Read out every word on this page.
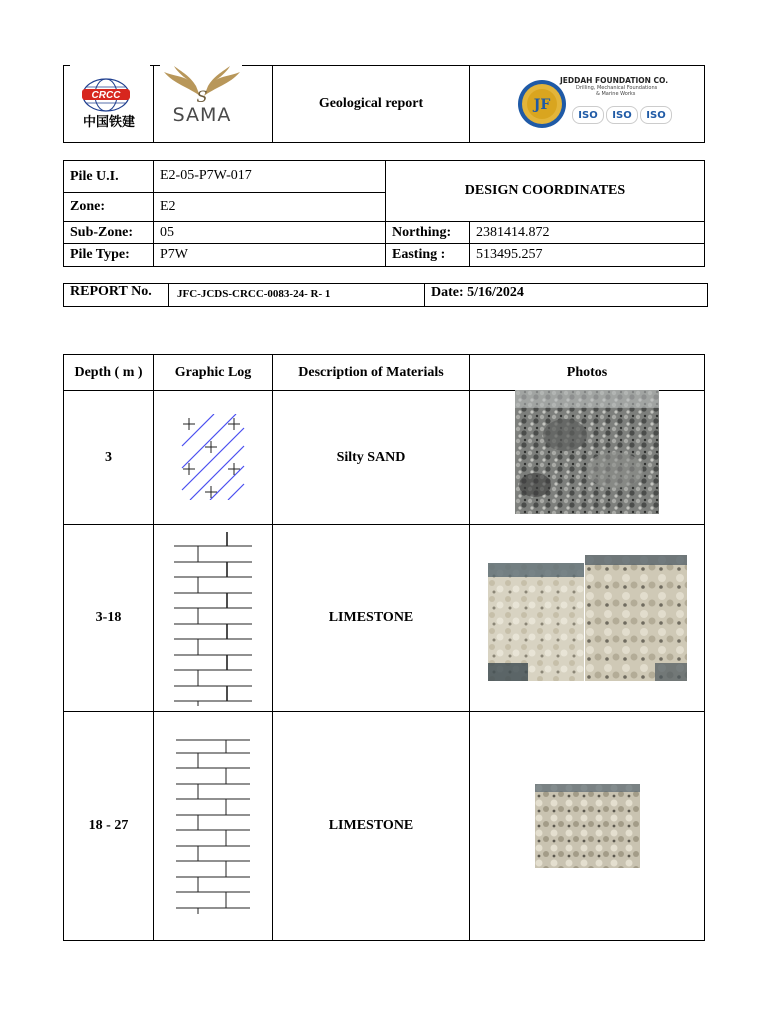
CRCC
中国铁建
S
SAMA
Geological report	JF
JEDDAH FOUNDATION CO.
Drilling, Mechanical Foundations
& Marine Works
ISO	ISO	ISO
Pile U.I.	E2-05-P7W-017
Zone:	E2
Sub-Zone:	05
Pile Type:	P7W
DESIGN COORDINATES
Northing:	2381414.872
Easting :	513495.257
REPORT No.	JFC-JCDS-CRCC-0083-24- R- 1	Date: 5/16/2024
Depth ( m )	Graphic Log	Description of Materials	Photos
3	Silty SAND
3-18	LIMESTONE
18 - 27	LIMESTONE
